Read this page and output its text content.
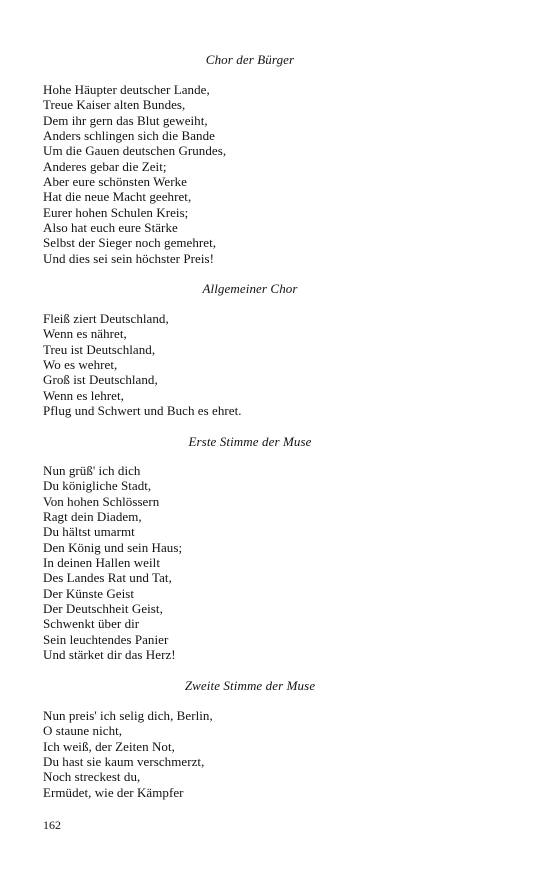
Chor der Bürger
Hohe Häupter deutscher Lande,
Treue Kaiser alten Bundes,
Dem ihr gern das Blut geweiht,
Anders schlingen sich die Bande
Um die Gauen deutschen Grundes,
Anderes gebar die Zeit;
Aber eure schönsten Werke
Hat die neue Macht geehret,
Eurer hohen Schulen Kreis;
Also hat euch eure Stärke
Selbst der Sieger noch gemehret,
Und dies sei sein höchster Preis!
Allgemeiner Chor
Fleiß ziert Deutschland,
Wenn es nähret,
Treu ist Deutschland,
Wo es wehret,
Groß ist Deutschland,
Wenn es lehret,
Pflug und Schwert und Buch es ehret.
Erste Stimme der Muse
Nun grüß' ich dich
Du königliche Stadt,
Von hohen Schlössern
Ragt dein Diadem,
Du hältst umarmt
Den König und sein Haus;
In deinen Hallen weilt
Des Landes Rat und Tat,
Der Künste Geist
Der Deutschheit Geist,
Schwenkt über dir
Sein leuchtendes Panier
Und stärket dir das Herz!
Zweite Stimme der Muse
Nun preis' ich selig dich, Berlin,
O staune nicht,
Ich weiß, der Zeiten Not,
Du hast sie kaum verschmerzt,
Noch streckest du,
Ermüdet, wie der Kämpfer
162
